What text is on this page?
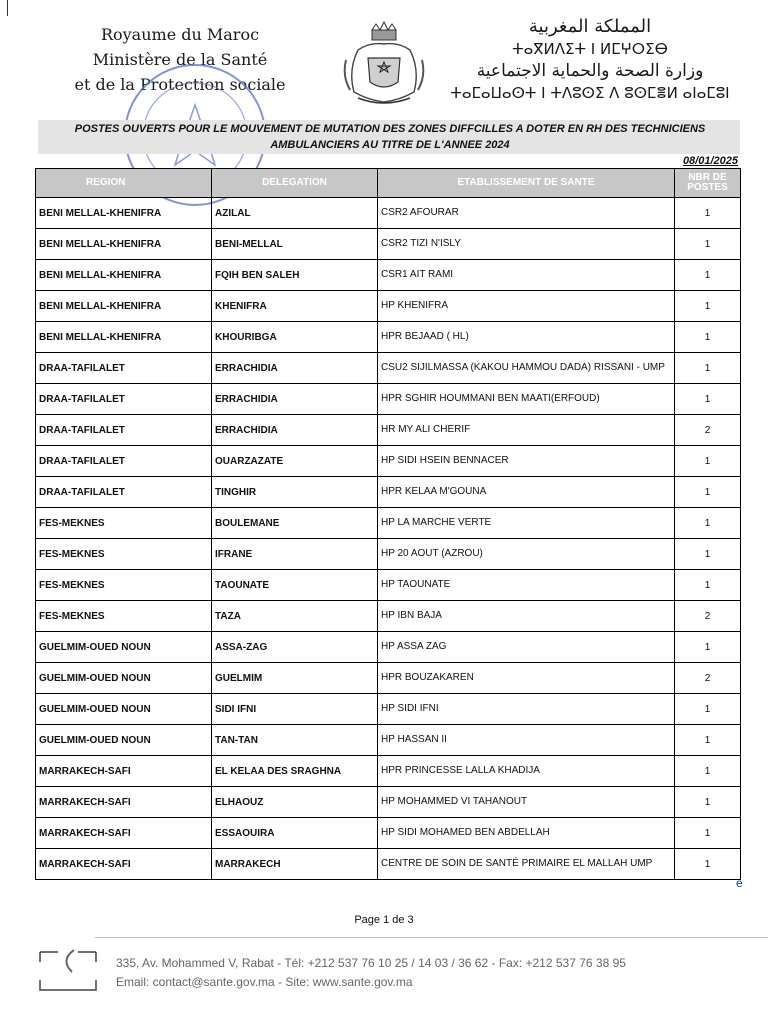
Royaume du Maroc
Ministère de la Santé
et de la Protection sociale
المملكة المغربية
ⵜⴰⴳⵍⴷⵉⵜ ⵏ ⵍⵎⵖⵔⵉⴱ
وزارة الصحة والحماية الاجتماعية
ⵜⴰⵎⴰⵡⴰⵙⵜ ⵏ ⵜⴷⵓⵙⵉ ⴷ ⵓⵙⵎⴻⵍ ⴰⵏⴰⵎⵓⵏ
POSTES OUVERTS POUR LE MOUVEMENT DE MUTATION DES ZONES DIFFCILLES A DOTER EN RH DES TECHNICIENS AMBULANCIERS AU TITRE DE L'ANNEE 2024
08/01/2025
REGION	DELEGATION	ETABLISSEMENT DE SANTE	NBR DE POSTES
BENI MELLAL-KHENIFRA	AZILAL	CSR2 AFOURAR	1
BENI MELLAL-KHENIFRA	BENI-MELLAL	CSR2 TIZI N'ISLY	1
BENI MELLAL-KHENIFRA	FQIH BEN SALEH	CSR1 AIT RAMI	1
BENI MELLAL-KHENIFRA	KHENIFRA	HP KHENIFRA	1
BENI MELLAL-KHENIFRA	KHOURIBGA	HPR BEJAAD ( HL)	1
DRAA-TAFILALET	ERRACHIDIA	CSU2 SIJILMASSA (KAKOU HAMMOU DADA) RISSANI - UMP	1
DRAA-TAFILALET	ERRACHIDIA	HPR SGHIR HOUMMANI BEN MAATI(ERFOUD)	1
DRAA-TAFILALET	ERRACHIDIA	HR MY ALI CHERIF	2
DRAA-TAFILALET	OUARZAZATE	HP SIDI HSEIN BENNACER	1
DRAA-TAFILALET	TINGHIR	HPR KELAA M'GOUNA	1
FES-MEKNES	BOULEMANE	HP LA MARCHE VERTE	1
FES-MEKNES	IFRANE	HP 20 AOUT (AZROU)	1
FES-MEKNES	TAOUNATE	HP TAOUNATE	1
FES-MEKNES	TAZA	HP IBN BAJA	2
GUELMIM-OUED NOUN	ASSA-ZAG	HP ASSA ZAG	1
GUELMIM-OUED NOUN	GUELMIM	HPR BOUZAKAREN	2
GUELMIM-OUED NOUN	SIDI IFNI	HP SIDI IFNI	1
GUELMIM-OUED NOUN	TAN-TAN	HP HASSAN II	1
MARRAKECH-SAFI	EL KELAA DES SRAGHNA	HPR PRINCESSE LALLA KHADIJA	1
MARRAKECH-SAFI	ELHAOUZ	HP MOHAMMED VI TAHANOUT	1
MARRAKECH-SAFI	ESSAOUIRA	HP SIDI MOHAMED BEN ABDELLAH	1
MARRAKECH-SAFI	MARRAKECH	CENTRE DE SOIN DE SANTÉ PRIMAIRE EL MALLAH UMP	1
e
Page 1 de 3
335, Av. Mohammed V, Rabat - Tél: +212 537 76 10 25 / 14 03 / 36 62 - Fax: +212 537 76 38 95
Email: contact@sante.gov.ma - Site: www.sante.gov.ma
